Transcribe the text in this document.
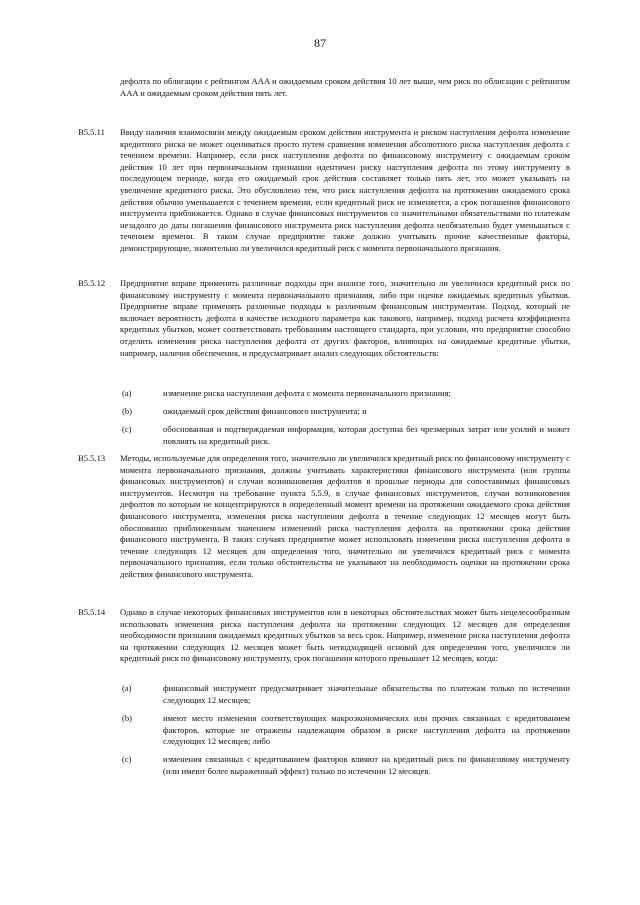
87
дефолта по облигации с рейтингом AAA и ожидаемым сроком действия 10 лет выше, чем риск по облигации с рейтингом AAA и ожидаемым сроком действия пять лет.
B5.5.11	Ввиду наличия взаимосвязи между ожидаемым сроком действия инструмента и риском наступления дефолта изменение кредитного риска не может оцениваться просто путем сравнения изменения абсолютного риска наступления дефолта с течением времени. Например, если риск наступления дефолта по финансовому инструменту с ожидаемым сроком действия 10 лет при первоначальном признании идентичен риску наступления дефолта по этому инструменту в последующем периоде, когда его ожидаемый срок действия составляет только пять лет, это может указывать на увеличение кредитного риска. Это обусловлено тем, что риск наступления дефолта на протяжении ожидаемого срока действия обычно уменьшается с течением времени, если кредитный риск не изменяется, а срок погашения финансового инструмента приближается. Однако в случае финансовых инструментов со значительными обязательствами по платежам незадолго до даты погашения финансового инструмента риск наступления дефолта необязательно будет уменьшаться с течением времени. В таком случае предприятие также должно учитывать прочие качественные факторы, демонстрирующие, значительно ли увеличился кредитный риск с момента первоначального признания.
B5.5.12	Предприятие вправе применять различные подходы при анализе того, значительно ли увеличился кредитный риск по финансовому инструменту с момента первоначального признания, либо при оценке ожидаемых кредитных убытков. Предприятие вправе применять различные подходы к различным финансовым инструментам. Подход, который не включает вероятность дефолта в качестве исходного параметра как такового, например, подход расчета коэффициента кредитных убытков, может соответствовать требованиям настоящего стандарта, при условии, что предприятие способно отделить изменения риска наступления дефолта от других факторов, влияющих на ожидаемые кредитные убытки, например, наличия обеспечения, и предусматривает анализ следующих обстоятельств:
(a)	изменение риска наступления дефолта с момента первоначального признания;
(b)	ожидаемый срок действия финансового инструмента; и
(c)	обоснованная и подтверждаемая информация, которая доступна без чрезмерных затрат или усилий и может повлиять на кредитный риск.
B5.5.13	Методы, используемые для определения того, значительно ли увеличился кредитный риск по финансовому инструменту с момента первоначального признания, должны учитывать характеристики финансового инструмента (или группы финансовых инструментов) и случаи возникновения дефолтов в прошлые периоды для сопоставимых финансовых инструментов. Несмотря на требование пункта 5.5.9, в случае финансовых инструментов, случаи возникновения дефолтов по которым не концентрируются в определенный момент времени на протяжении ожидаемого срока действия финансового инструмента, изменения риска наступления дефолта в течение следующих 12 месяцев могут быть обоснованно приближенным значением изменений риска наступления дефолта на протяжении срока действия финансового инструмента. В таких случаях предприятие может использовать изменения риска наступления дефолта в течение следующих 12 месяцев для определения того, значительно ли увеличился кредитный риск с момента первоначального признания, если только обстоятельства не указывают на необходимость оценки на протяжении срока действия финансового инструмента.
B5.5.14	Однако в случае некоторых финансовых инструментов или в некоторых обстоятельствах может быть нецелесообразным использовать изменения риска наступления дефолта на протяжении следующих 12 месяцев для определения необходимости признания ожидаемых кредитных убытков за весь срок. Например, изменение риска наступления дефолта на протяжении следующих 12 месяцев может быть неподходящей основой для определения того, увеличился ли кредитный риск по финансовому инструменту, срок погашения которого превышает 12 месяцев, когда:
(a)	финансовый инструмент предусматривает значительные обязательства по платежам только по истечении следующих 12 месяцев;
(b)	имеют место изменения соответствующих макроэкономических или прочих связанных с кредитованием факторов, которые не отражены надлежащим образом в риске наступления дефолта на протяжении следующих 12 месяцев; либо
(c)	изменения связанных с кредитованием факторов влияют на кредитный риск по финансовому инструменту (или имеют более выраженный эффект) только по истечении 12 месяцев.
